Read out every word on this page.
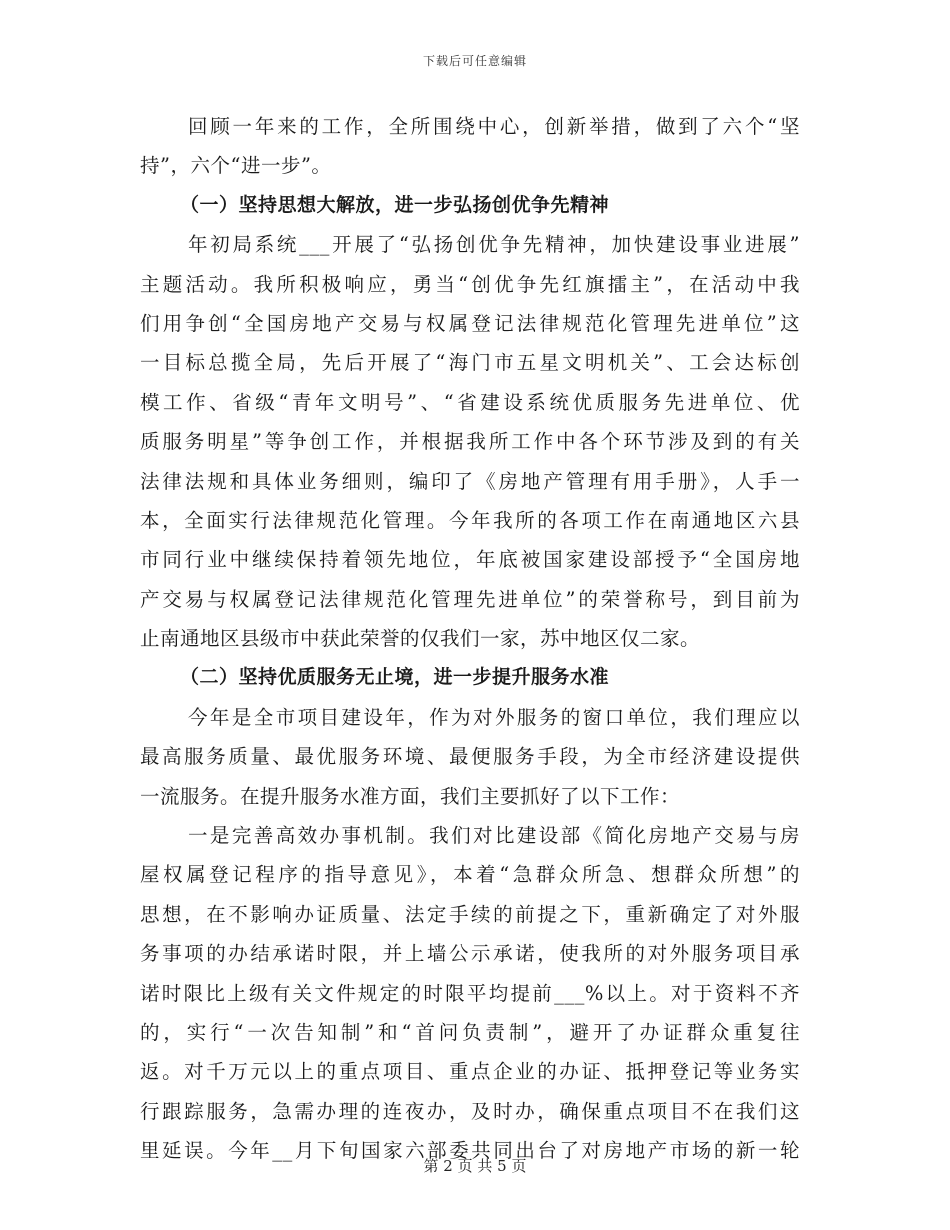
下载后可任意编辑
回顾一年来的工作，全所围绕中心，创新举措，做到了六个“坚
持”，六个“进一步”。
（一）坚持思想大解放，进一步弘扬创优争先精神
年初局系统___开展了“弘扬创优争先精神，加快建设事业进展”
主题活动。我所积极响应，勇当“创优争先红旗擂主”，在活动中我
们用争创“全国房地产交易与权属登记法律规范化管理先进单位”这
一目标总揽全局，先后开展了“海门市五星文明机关”、工会达标创
模工作、省级“青年文明号”、“省建设系统优质服务先进单位、优
质服务明星”等争创工作，并根据我所工作中各个环节涉及到的有关
法律法规和具体业务细则，编印了《房地产管理有用手册》，人手一
本，全面实行法律规范化管理。今年我所的各项工作在南通地区六县
市同行业中继续保持着领先地位，年底被国家建设部授予“全国房地
产交易与权属登记法律规范化管理先进单位”的荣誉称号，到目前为
止南通地区县级市中获此荣誉的仅我们一家，苏中地区仅二家。
（二）坚持优质服务无止境，进一步提升服务水准
今年是全市项目建设年，作为对外服务的窗口单位，我们理应以
最高服务质量、最优服务环境、最便服务手段，为全市经济建设提供
一流服务。在提升服务水准方面，我们主要抓好了以下工作：
一是完善高效办事机制。我们对比建设部《简化房地产交易与房
屋权属登记程序的指导意见》，本着“急群众所急、想群众所想”的
思想，在不影响办证质量、法定手续的前提之下，重新确定了对外服
务事项的办结承诺时限，并上墙公示承诺，使我所的对外服务项目承
诺时限比上级有关文件规定的时限平均提前___%以上。对于资料不齐
的，实行“一次告知制”和“首问负责制”，避开了办证群众重复往
返。对千万元以上的重点项目、重点企业的办证、抵押登记等业务实
行跟踪服务，急需办理的连夜办，及时办，确保重点项目不在我们这
里延误。今年__月下旬国家六部委共同出台了对房地产市场的新一轮
第 2 页 共 5 页
